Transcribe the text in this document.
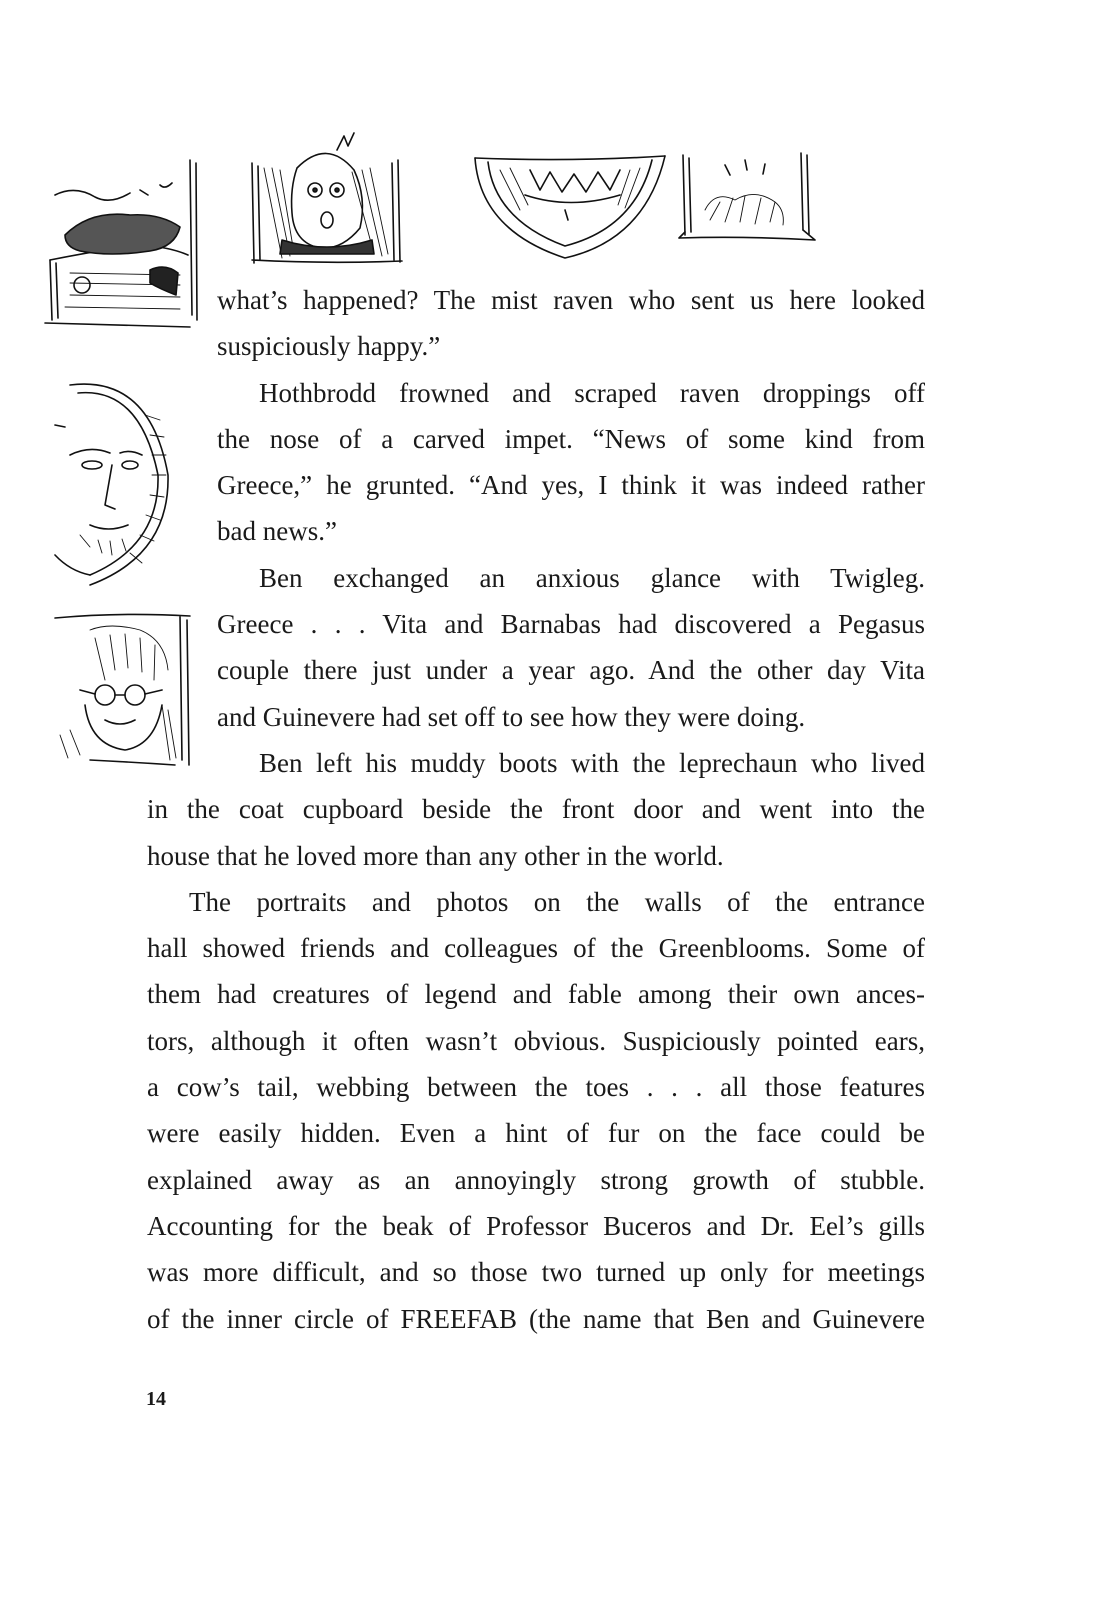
what’s happened? The mist raven who sent us here looked
suspiciously happy.”
Hothbrodd frowned and scraped raven droppings off
the nose of a carved impet. “News of some kind from
Greece,” he grunted. “And yes, I think it was indeed rather
bad news.”
Ben exchanged an anxious glance with Twigleg.
Greece . . . Vita and Barnabas had discovered a Pegasus
couple there just under a year ago. And the other day Vita
and Guinevere had set off to see how they were doing.
Ben left his muddy boots with the leprechaun who lived
in the coat cupboard beside the front door and went into the
house that he loved more than any other in the world.
The portraits and photos on the walls of the entrance
hall showed friends and colleagues of the Greenblooms. Some of
them had creatures of legend and fable among their own ances-
tors, although it often wasn’t obvious. Suspiciously pointed ears,
a cow’s tail, webbing between the toes . . . all those features
were easily hidden. Even a hint of fur on the face could be
explained away as an annoyingly strong growth of stubble.
Accounting for the beak of Professor Buceros and Dr. Eel’s gills
was more difficult, and so those two turned up only for meetings
of the inner circle of FREEFAB (the name that Ben and Guinevere
14
